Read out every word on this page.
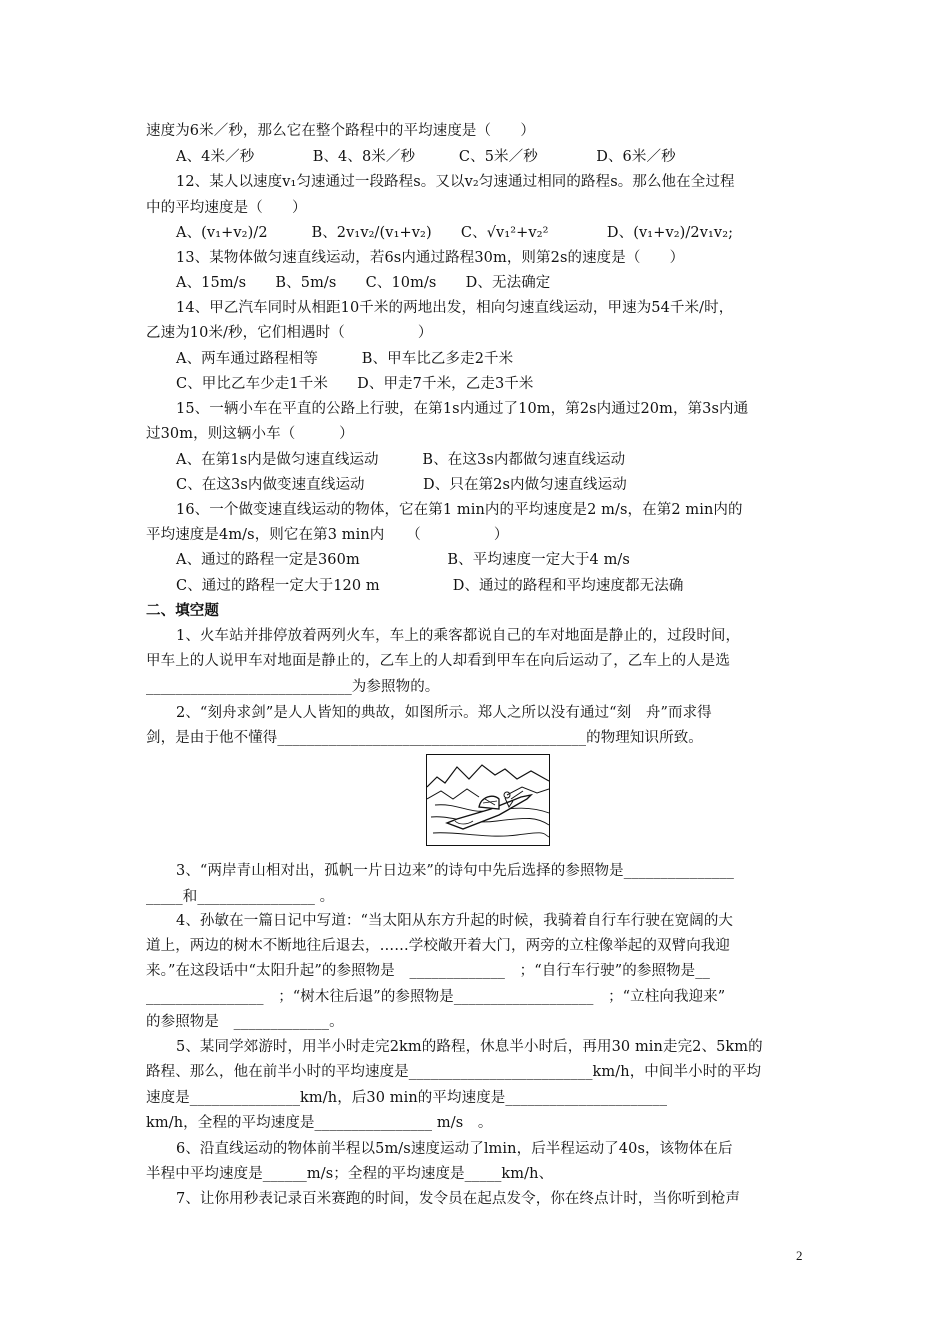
速度为6米／秒，那么它在整个路程中的平均速度是（　　）
A、4米／秒　　　　B、4、8米／秒　　　C、5米／秒　　　　D、6米／秒
12、某人以速度v₁匀速通过一段路程s。又以v₂匀速通过相同的路程s。那么他在全过程
中的平均速度是（　　）
A、(v₁+v₂)/2　　　B、2v₁v₂/(v₁+v₂)　　C、√v₁²+v₂²　　　　D、(v₁+v₂)/2v₁v₂;
13、某物体做匀速直线运动，若6s内通过路程30m，则第2s的速度是（　　）
A、15m/s　　B、5m/s　　C、10m/s　　D、无法确定
14、甲乙汽车同时从相距10千米的两地出发，相向匀速直线运动，甲速为54千米/时，
乙速为10米/秒，它们相遇时（　　　　　）
A、两车通过路程相等　　　B、甲车比乙多走2千米
C、甲比乙车少走1千米　　D、甲走7千米，乙走3千米
15、一辆小车在平直的公路上行驶，在第1s内通过了10m，第2s内通过20m，第3s内通
过30m，则这辆小车（　　　）
A、在第1s内是做匀速直线运动　　　B、在这3s内都做匀速直线运动
C、在这3s内做变速直线运动　　　　D、只在第2s内做匀速直线运动
16、一个做变速直线运动的物体，它在第1 min内的平均速度是2 m/s，在第2 min内的
平均速度是4m/s，则它在第3 min内　　（　　　　　）
A、通过的路程一定是360m　　　　　　B、平均速度一定大于4 m/s
C、通过的路程一定大于120 m　　　　　D、通过的路程和平均速度都无法确
二、填空题
1、火车站并排停放着两列火车，车上的乘客都说自己的车对地面是静止的，过段时间，
甲车上的人说甲车对地面是静止的，乙车上的人却看到甲车在向后运动了，乙车上的人是选
____________________________为参照物的。
2、“刻舟求剑”是人人皆知的典故，如图所示。郑人之所以没有通过“刻　舟”而求得
剑，是由于他不懂得__________________________________________的物理知识所致。
3、“两岸青山相对出，孤帆一片日边来”的诗句中先后选择的参照物是_______________
_____和________________ 。
4、孙敏在一篇日记中写道：“当太阳从东方升起的时候，我骑着自行车行驶在宽阔的大
道上，两边的树木不断地往后退去，……学校敞开着大门，两旁的立柱像举起的双臂向我迎
来。”在这段话中“太阳升起”的参照物是　_____________　；“自行车行驶”的参照物是__
________________　；“树木往后退”的参照物是___________________　；“立柱向我迎来”
的参照物是　_____________。
5、某同学郊游时，用半小时走完2km的路程，休息半小时后，再用30 min走完2、5km的
路程、那么，他在前半小时的平均速度是_________________________km/h，中间半小时的平均
速度是_______________km/h，后30 min的平均速度是______________________
km/h，全程的平均速度是________________ m/s　。
6、沿直线运动的物体前半程以5m/s速度运动了lmin，后半程运动了40s，该物体在后
半程中平均速度是______m/s；全程的平均速度是_____km/h、
7、让你用秒表记录百米赛跑的时间，发令员在起点发令，你在终点计时，当你听到枪声
2
